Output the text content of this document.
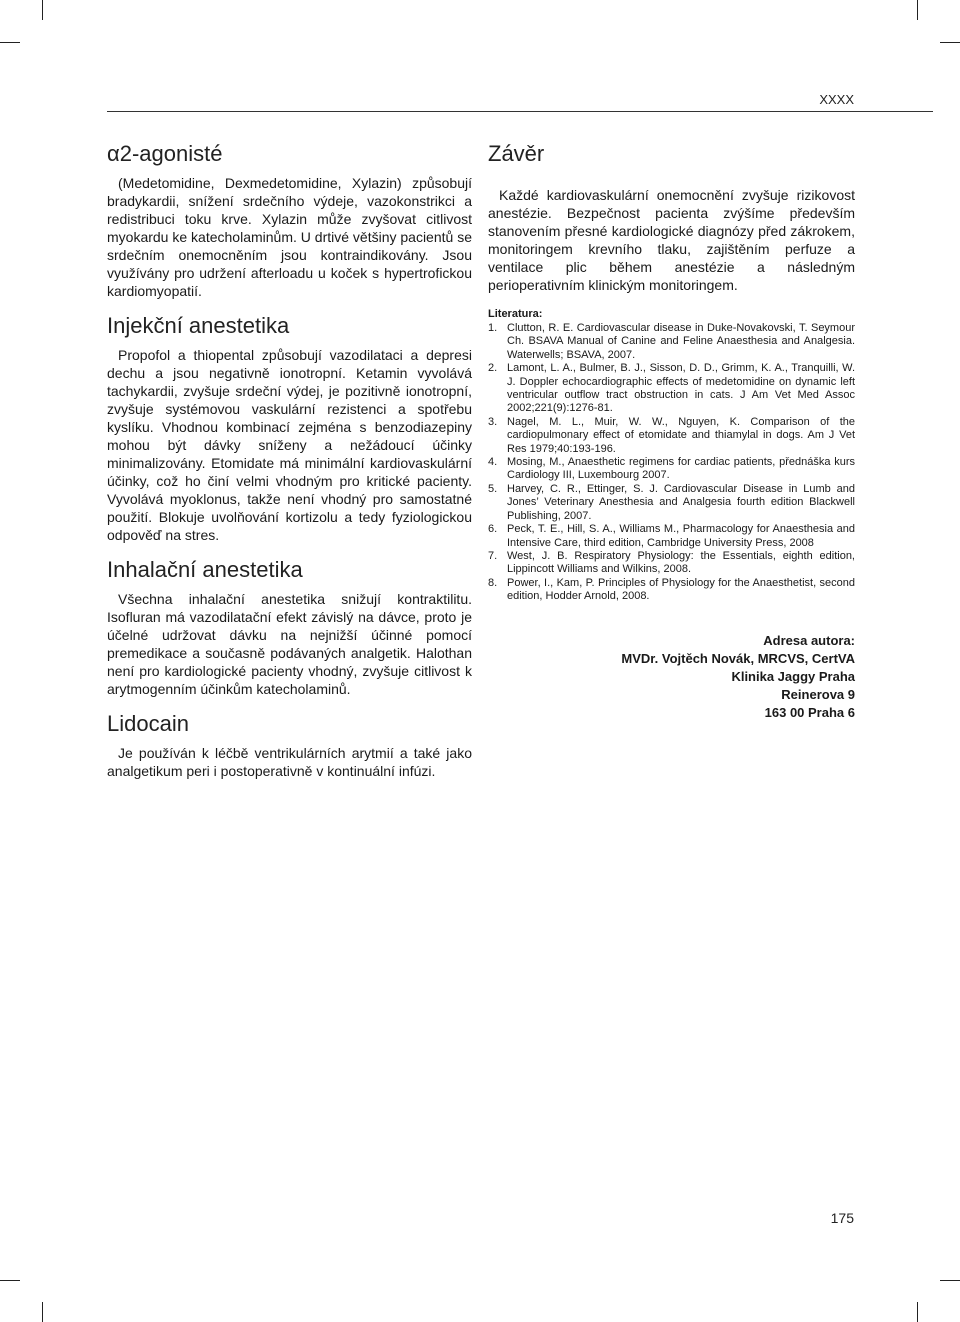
XXXX
α2-agonisté

(Medetomidine, Dexmedetomidine, Xylazin) způsobují bradykardii, snížení srdečního výdeje, vazokonstrikci a redistribuci toku krve. Xylazin může zvyšovat citlivost myokardu ke katecholaminům. U drtivé většiny pacientů se srdečním onemocněním jsou kontraindikovány. Jsou využívány pro udržení afterloadu u koček s hypertrofickou kardiomyopatií.

Injekční anestetika

Propofol a thiopental způsobují vazodilataci a depresi dechu a jsou negativně ionotropní. Ketamin vyvolává tachykardii, zvyšuje srdeční výdej, je pozitivně ionotropní, zvyšuje systémovou vaskulární rezistenci a spotřebu kyslíku. Vhodnou kombinací zejména s benzodiazepiny mohou být dávky sníženy a nežádoucí účinky minimalizovány. Etomidate má minimální kardiovaskulární účinky, což ho činí velmi vhodným pro kritické pacienty. Vyvolává myoklonus, takže není vhodný pro samostatné použití. Blokuje uvolňování kortizolu a tedy fyziologickou odpověď na stres.

Inhalační anestetika

Všechna inhalační anestetika snižují kontraktilitu. Isofluran má vazodilatační efekt závislý na dávce, proto je účelné udržovat dávku na nejnižší účinné pomocí premedikace a současně podávaných analgetik. Halothan není pro kardiologické pacienty vhodný, zvyšuje citlivost k arytmogenním účinkům katecholaminů.

Lidocain

Je používán k léčbě ventrikulárních arytmií a také jako analgetikum peri i postoperativně v kontinuální infúzi.

Závěr

Každé kardiovaskulární onemocnění zvyšuje rizikovost anestézie. Bezpečnost pacienta zvýšíme především stanovením přesné kardiologické diagnózy před zákrokem, monitoringem krevního tlaku, zajištěním perfuze a ventilace plic během anestézie a následným perioperativním klinickým monitoringem.

Literatura:
1. Clutton, R. E. Cardiovascular disease in Duke-Novakovski, T. Seymour Ch. BSAVA Manual of Canine and Feline Anaesthesia and Analgesia. Waterwells; BSAVA, 2007.
2. Lamont, L. A., Bulmer, B. J., Sisson, D. D., Grimm, K. A., Tranquilli, W. J. Doppler echocardiographic effects of medetomidine on dynamic left ventricular outflow tract obstruction in cats. J Am Vet Med Assoc 2002;221(9):1276-81.
3. Nagel, M. L., Muir, W. W., Nguyen, K. Comparison of the cardiopulmonary effect of etomidate and thiamylal in dogs. Am J Vet Res 1979;40:193-196.
4. Mosing, M., Anaesthetic regimens for cardiac patients, přednáška kurs Cardiology III, Luxembourg 2007.
5. Harvey, C. R., Ettinger, S. J. Cardiovascular Disease in Lumb and Jones’ Veterinary Anesthesia and Analgesia fourth edition Blackwell Publishing, 2007.
6. Peck, T. E., Hill, S. A., Williams M., Pharmacology for Anaesthesia and Intensive Care, third edition, Cambridge University Press, 2008
7. West, J. B. Respiratory Physiology: the Essentials, eighth edition, Lippincott Williams and Wilkins, 2008.
8. Power, I., Kam, P. Principles of Physiology for the Anaesthetist, second edition, Hodder Arnold, 2008.
Adresa autora:
MVDr. Vojtěch Novák, MRCVS, CertVA
Klinika Jaggy Praha
Reinerova 9
163 00 Praha 6
175
